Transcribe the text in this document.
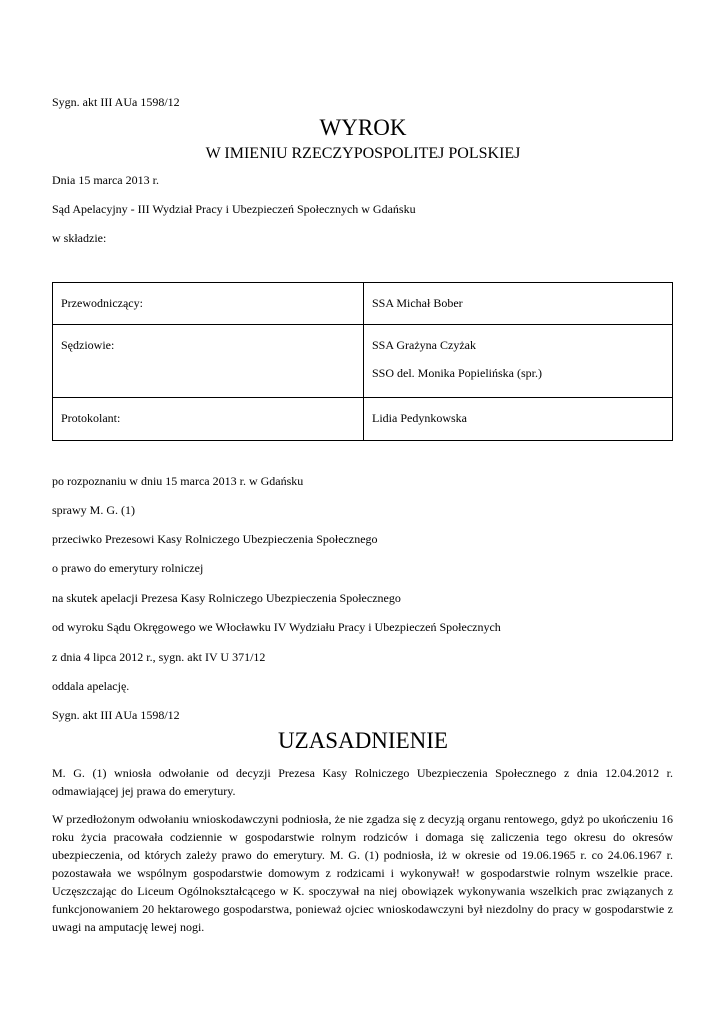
Sygn. akt III AUa 1598/12
WYROK
W IMIENIU RZECZYPOSPOLITEJ POLSKIEJ
Dnia 15 marca 2013 r.
Sąd Apelacyjny - III Wydział Pracy i Ubezpieczeń Społecznych w Gdańsku
w składzie:
Przewodniczący:	SSA Michał Bober

Sędziowie:	SSA Grażyna Czyżak
SSO del. Monika Popielińska (spr.)

Protokolant:	Lidia Pedynkowska
po rozpoznaniu w dniu 15 marca 2013 r. w Gdańsku
sprawy M. G. (1)
przeciwko Prezesowi Kasy Rolniczego Ubezpieczenia Społecznego
o prawo do emerytury rolniczej
na skutek apelacji Prezesa Kasy Rolniczego Ubezpieczenia Społecznego
od wyroku Sądu Okręgowego we Włocławku IV Wydziału Pracy i Ubezpieczeń Społecznych
z dnia 4 lipca 2012 r., sygn. akt IV U 371/12
oddala apelację.
Sygn. akt III AUa 1598/12
UZASADNIENIE
M. G. (1) wniosła odwołanie od decyzji Prezesa Kasy Rolniczego Ubezpieczenia Społecznego z dnia 12.04.2012 r. odmawiającej jej prawa do emerytury.
W przedłożonym odwołaniu wnioskodawczyni podniosła, że nie zgadza się z decyzją organu rentowego, gdyż po ukończeniu 16 roku życia pracowała codziennie w gospodarstwie rolnym rodziców i domaga się zaliczenia tego okresu do okresów ubezpieczenia, od których zależy prawo do emerytury. M. G. (1) podniosła, iż w okresie od 19.06.1965 r. co 24.06.1967 r. pozostawała we wspólnym gospodarstwie domowym z rodzicami i wykonywał! w gospodarstwie rolnym wszelkie prace. Uczęszczając do Liceum Ogólnokształcącego w K. spoczywał na niej obowiązek wykonywania wszelkich prac związanych z funkcjonowaniem 20 hektarowego gospodarstwa, ponieważ ojciec wnioskodawczyni był niezdolny do pracy w gospodarstwie z uwagi na amputację lewej nogi.
